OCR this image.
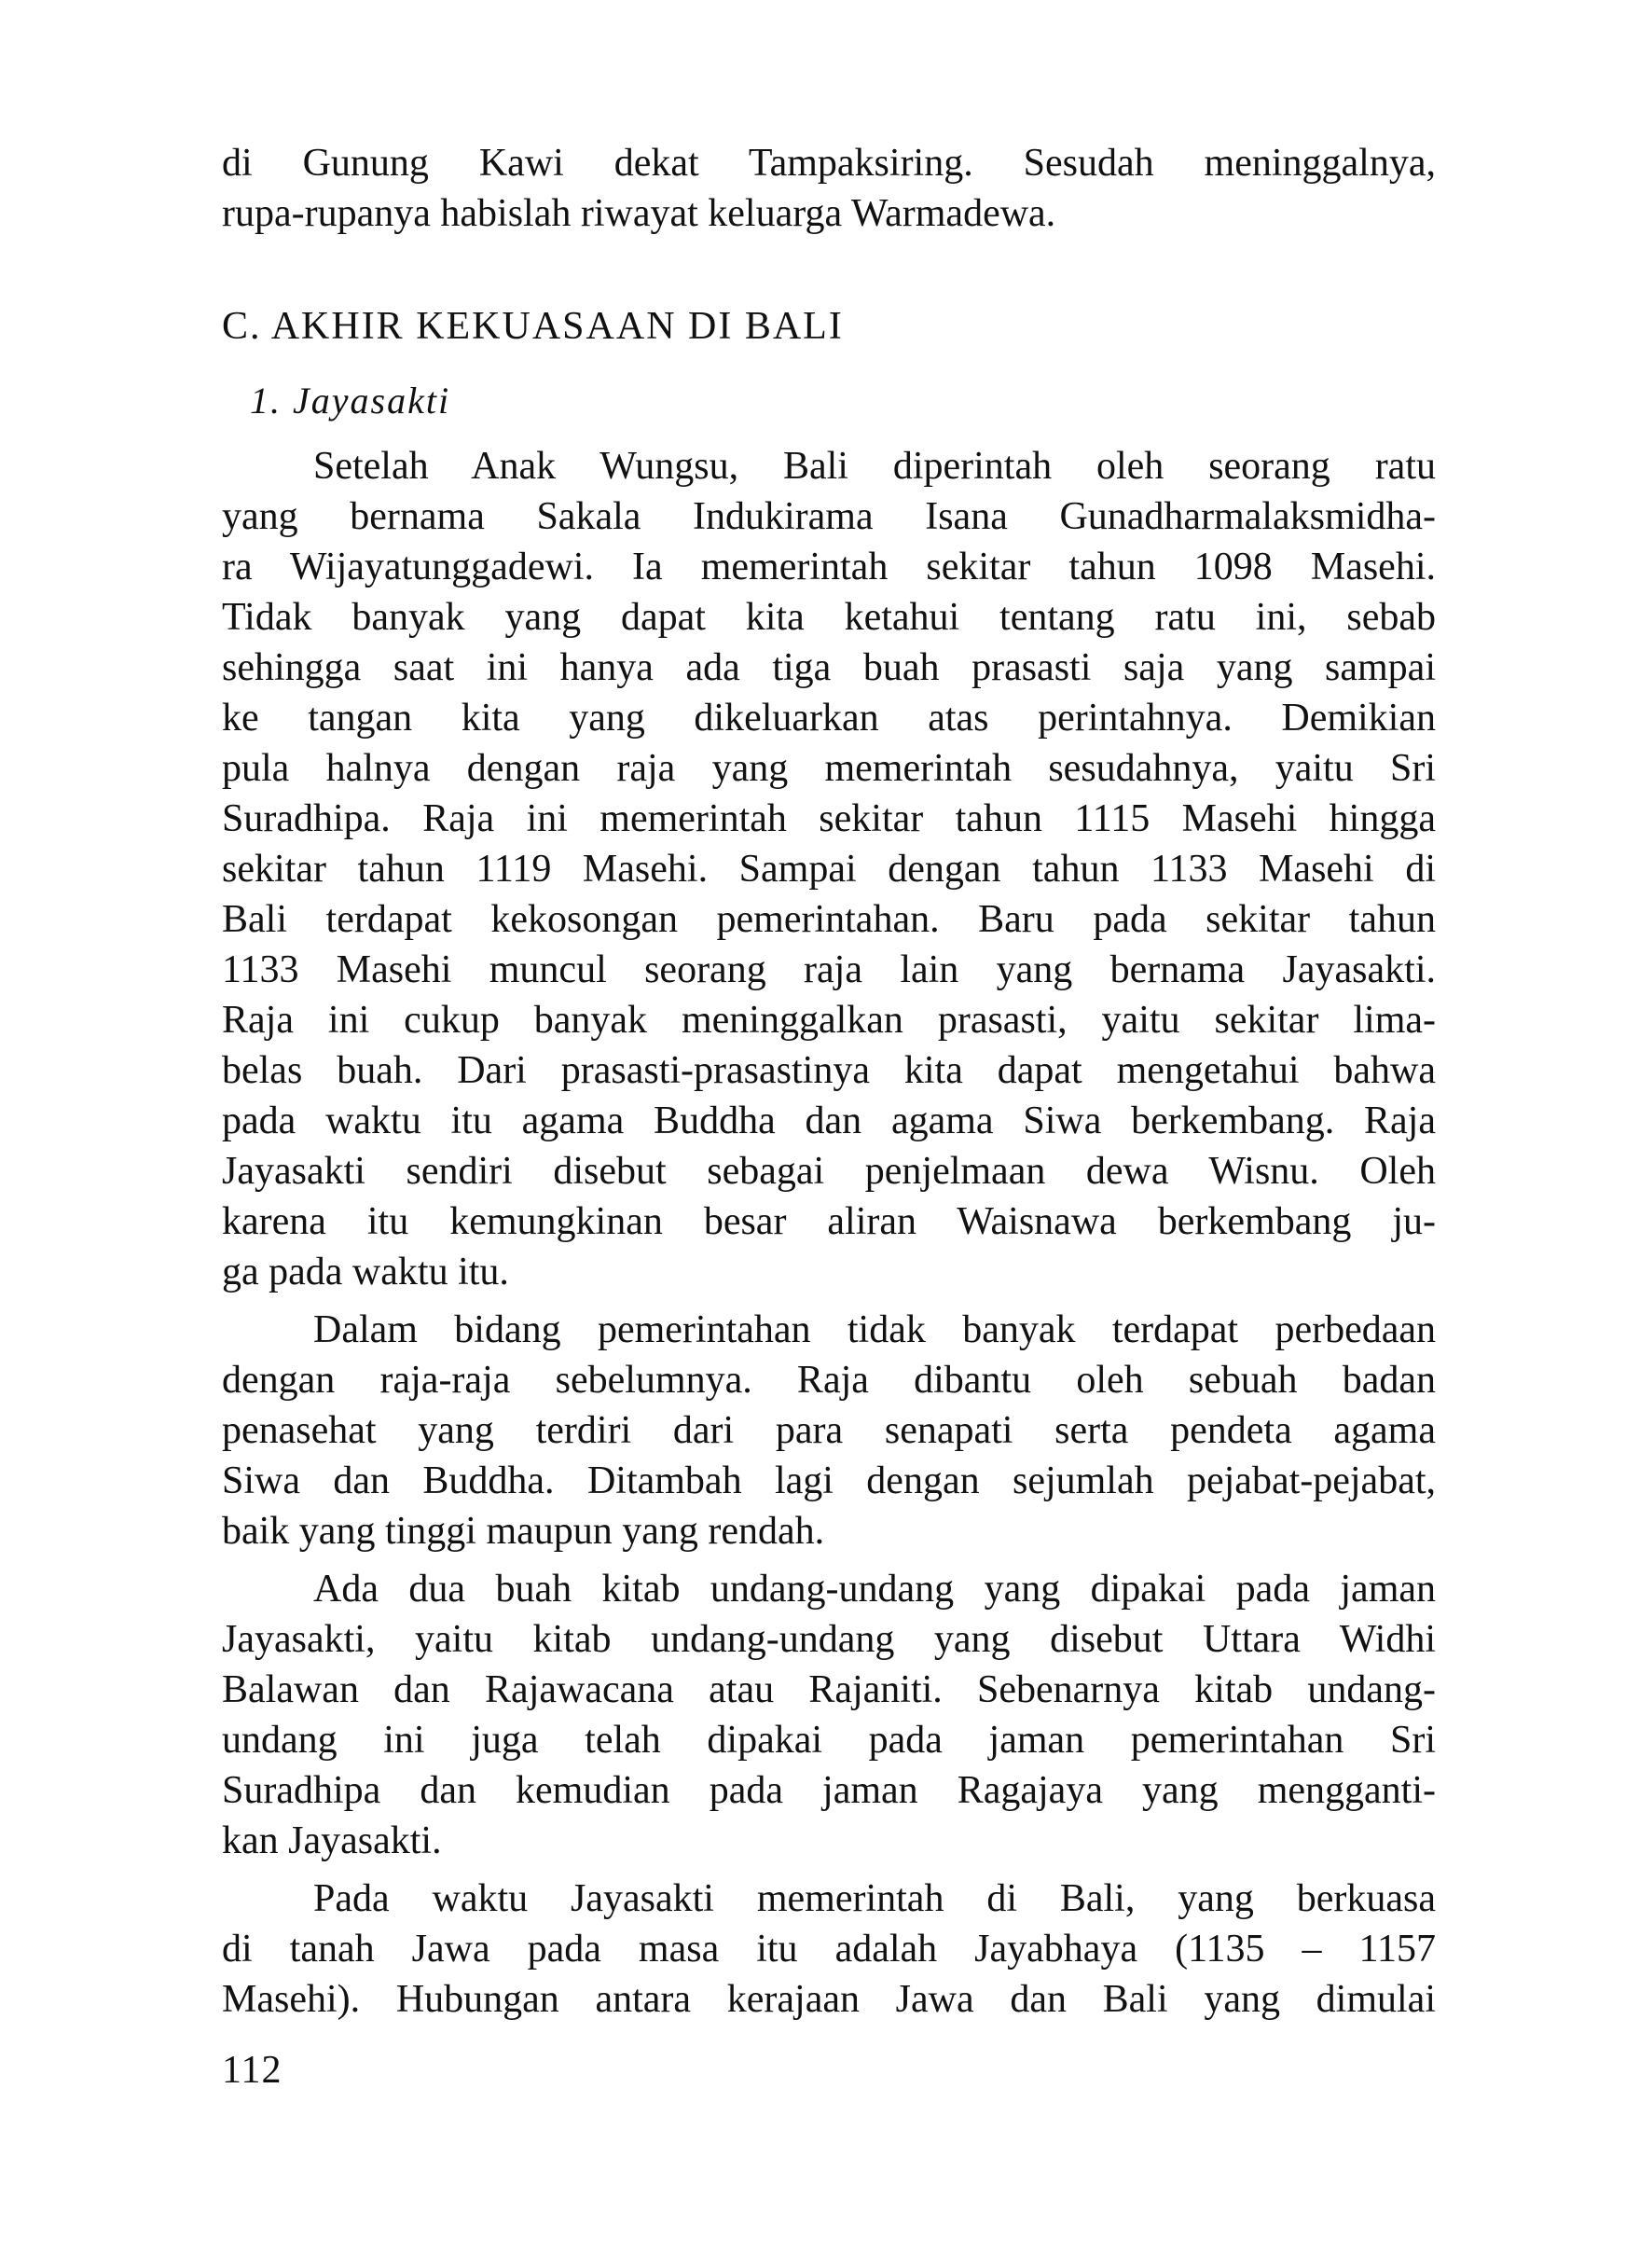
di Gunung Kawi dekat Tampaksiring. Sesudah meninggalnya,
rupa-rupanya habislah riwayat keluarga Warmadewa.
C. AKHIR KEKUASAAN DI BALI
1. Jayasakti
Setelah Anak Wungsu, Bali diperintah oleh seorang ratu
yang bernama Sakala Indukirama Isana Gunadharmalaksmidha-
ra Wijayatunggadewi. Ia memerintah sekitar tahun 1098 Masehi.
Tidak banyak yang dapat kita ketahui tentang ratu ini, sebab
sehingga saat ini hanya ada tiga buah prasasti saja yang sampai
ke tangan kita yang dikeluarkan atas perintahnya. Demikian
pula halnya dengan raja yang memerintah sesudahnya, yaitu Sri
Suradhipa. Raja ini memerintah sekitar tahun 1115 Masehi hingga
sekitar tahun 1119 Masehi. Sampai dengan tahun 1133 Masehi di
Bali terdapat kekosongan pemerintahan. Baru pada sekitar tahun
1133 Masehi muncul seorang raja lain yang bernama Jayasakti.
Raja ini cukup banyak meninggalkan prasasti, yaitu sekitar lima-
belas buah. Dari prasasti-prasastinya kita dapat mengetahui bahwa
pada waktu itu agama Buddha dan agama Siwa berkembang. Raja
Jayasakti sendiri disebut sebagai penjelmaan dewa Wisnu. Oleh
karena itu kemungkinan besar aliran Waisnawa berkembang ju-
ga pada waktu itu.
Dalam bidang pemerintahan tidak banyak terdapat perbedaan
dengan raja-raja sebelumnya. Raja dibantu oleh sebuah badan
penasehat yang terdiri dari para senapati serta pendeta agama
Siwa dan Buddha. Ditambah lagi dengan sejumlah pejabat-pejabat,
baik yang tinggi maupun yang rendah.
Ada dua buah kitab undang-undang yang dipakai pada jaman
Jayasakti, yaitu kitab undang-undang yang disebut Uttara Widhi
Balawan dan Rajawacana atau Rajaniti. Sebenarnya kitab undang-
undang ini juga telah dipakai pada jaman pemerintahan Sri
Suradhipa dan kemudian pada jaman Ragajaya yang mengganti-
kan Jayasakti.
Pada waktu Jayasakti memerintah di Bali, yang berkuasa
di tanah Jawa pada masa itu adalah Jayabhaya (1135 – 1157
Masehi). Hubungan antara kerajaan Jawa dan Bali yang dimulai
112
